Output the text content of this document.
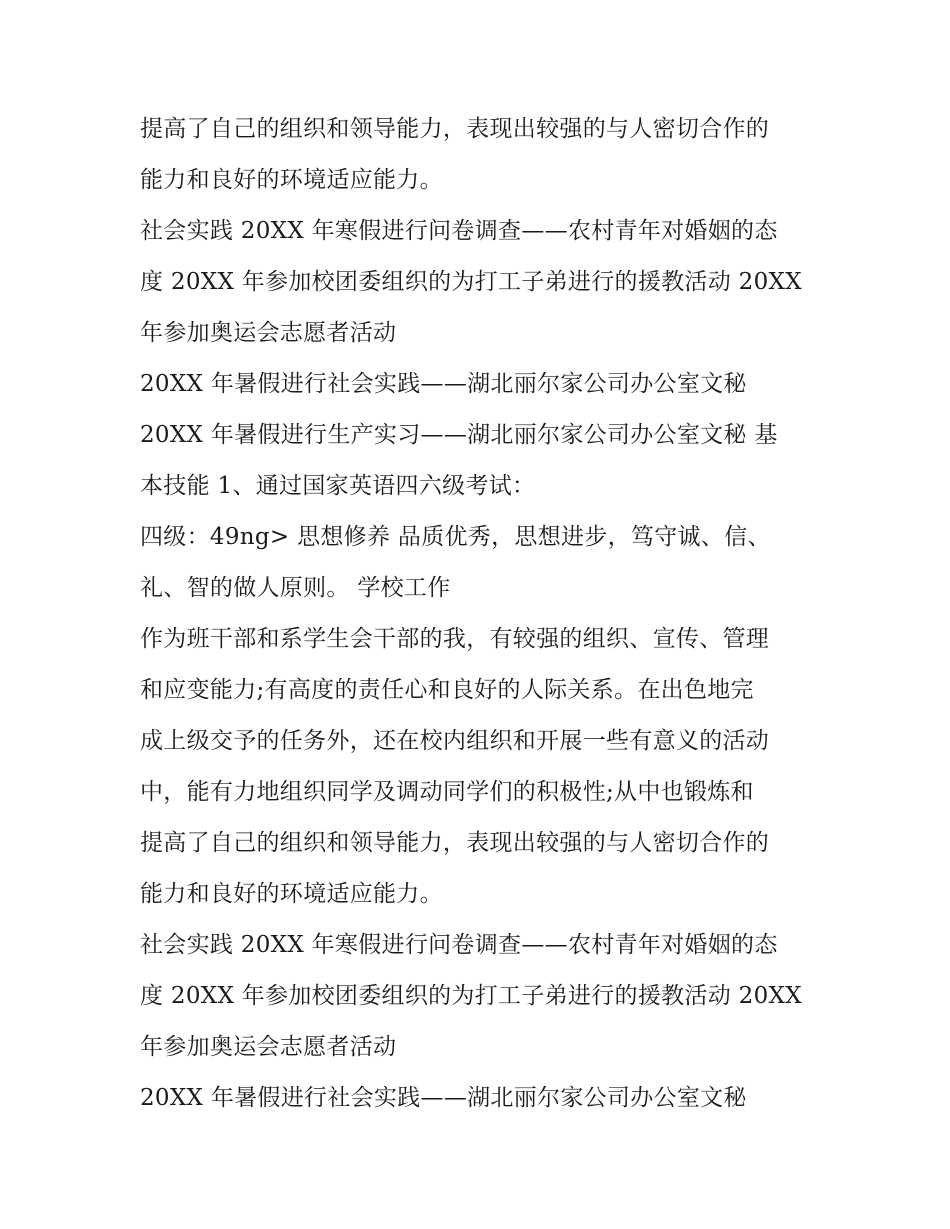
提高了自己的组织和领导能力，表现出较强的与人密切合作的
能力和良好的环境适应能力。
社会实践 20XX 年寒假进行问卷调查——农村青年对婚姻的态
度 20XX 年参加校团委组织的为打工子弟进行的援教活动 20XX
年参加奥运会志愿者活动
20XX 年暑假进行社会实践——湖北丽尔家公司办公室文秘
20XX 年暑假进行生产实习——湖北丽尔家公司办公室文秘 基
本技能 1、通过国家英语四六级考试：
四级：49ng> 思想修养 品质优秀，思想进步，笃守诚、信、
礼、智的做人原则。 学校工作
作为班干部和系学生会干部的我，有较强的组织、宣传、管理
和应变能力;有高度的责任心和良好的人际关系。在出色地完
成上级交予的任务外，还在校内组织和开展一些有意义的活动
中，能有力地组织同学及调动同学们的积极性;从中也锻炼和
提高了自己的组织和领导能力，表现出较强的与人密切合作的
能力和良好的环境适应能力。
社会实践 20XX 年寒假进行问卷调查——农村青年对婚姻的态
度 20XX 年参加校团委组织的为打工子弟进行的援教活动 20XX
年参加奥运会志愿者活动
20XX 年暑假进行社会实践——湖北丽尔家公司办公室文秘
